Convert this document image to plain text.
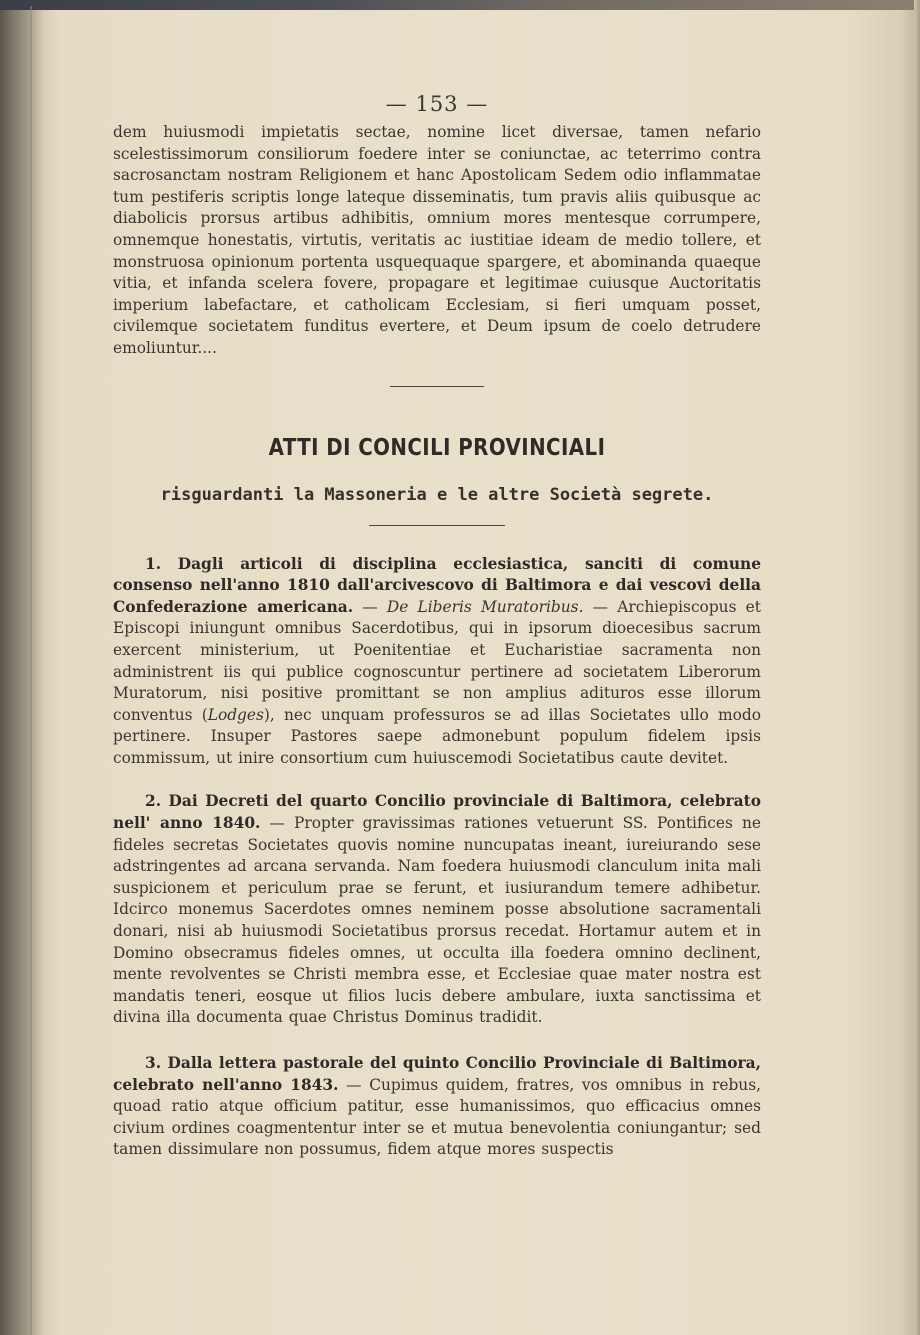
— 153 —

dem huiusmodi impietatis sectae, nomine licet diversae, tamen nefario scelestissimorum consiliorum foedere inter se coniunctae, ac teterrimo contra sacrosanctam nostram Religionem et hanc Apostolicam Sedem odio inflammatae tum pestiferis scriptis longe lateque disseminatis, tum pravis aliis quibusque ac diabolicis prorsus artibus adhibitis, omnium mores mentesque corrumpere, omnemque honestatis, virtutis, veritatis ac iustitiae ideam de medio tollere, et monstruosa opinionum portenta usquequaque spargere, et abominanda quaeque vitia, et infanda scelera fovere, propagare et legitimae cuiusque Auctoritatis imperium labefactare, et catholicam Ecclesiam, si fieri umquam posset, civilemque societatem funditus evertere, et Deum ipsum de coelo detrudere emoliuntur....

ATTI DI CONCILI PROVINCIALI
risguardanti la Massoneria e le altre Società segrete.

1. Dagli articoli di disciplina ecclesiastica, sanciti di comune consenso nell'anno 1810 dall'arcivescovo di Baltimora e dai vescovi della Confederazione americana. — De Liberis Muratoribus. — Archiepiscopus et Episcopi iniungunt omnibus Sacerdotibus, qui in ipsorum dioecesibus sacrum exercent ministerium, ut Poenitentiae et Eucharistiae sacramenta non administrent iis qui publice cognoscuntur pertinere ad societatem Liberorum Muratorum, nisi positive promittant se non amplius adituros esse illorum conventus (Lodges), nec unquam professuros se ad illas Societates ullo modo pertinere. Insuper Pastores saepe admonebunt populum fidelem ipsis commissum, ut inire consortium cum huiuscemodi Societatibus caute devitet.

2. Dai Decreti del quarto Concilio provinciale di Baltimora, celebrato nell' anno 1840. — Propter gravissimas rationes vetuerunt SS. Pontifices ne fideles secretas Societates quovis nomine nuncupatas ineant, iureiurando sese adstringentes ad arcana servanda. Nam foedera huiusmodi clanculum inita mali suspicionem et periculum prae se ferunt, et iusiurandum temere adhibetur. Idcirco monemus Sacerdotes omnes neminem posse absolutione sacramentali donari, nisi ab huiusmodi Societatibus prorsus recedat. Hortamur autem et in Domino obsecramus fideles omnes, ut occulta illa foedera omnino declinent, mente revolventes se Christi membra esse, et Ecclesiae quae mater nostra est mandatis teneri, eosque ut filios lucis debere ambulare, iuxta sanctissima et divina illa documenta quae Christus Dominus tradidit.

3. Dalla lettera pastorale del quinto Concilio Provinciale di Baltimora, celebrato nell'anno 1843. — Cupimus quidem, fratres, vos omnibus in rebus, quoad ratio atque officium patitur, esse humanissimos, quo efficacius omnes civium ordines coagmententur inter se et mutua benevolentia coniungantur; sed tamen dissimulare non possumus, fidem atque mores suspectis
